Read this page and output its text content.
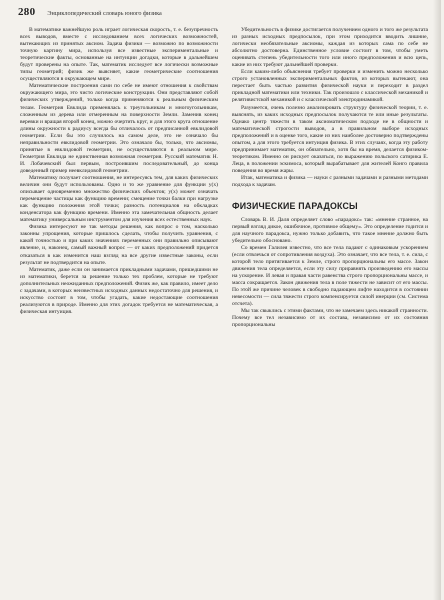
280 Энциклопедический словарь юного физика

В математике важнейшую роль играет логическая скорость, т. е. безупречность всех выводов, вместе с исследованием всех логических возможностей, вытекающих из принятых аксиом. Задача физики — возможно по возможности точную картину мира, используя все известные экспериментальные и теоретические факты, основанные на интуиции догадки, которые в дальнейшем будут проверены на опыте. Так, математик исследует все логически возможные типы геометрий; физик же выясняет, какие геометрические соотношения осуществляются в окружающем мире.

Математические построения сами по себе не имеют отношения к свойствам окружающего мира, это чисто логические конструкции. Они представляют собой физических утверждений, только когда применяются к реальным физическим телам. Геометрия Евклида применялась к треугольникам и многоугольникам, сложенным из дерева или отмеренным на поверхности Земли. Заменив конец веревки и вращая второй конец, можно очертить круг, и для этого круга отношение длины окружности к радиусу всегда бы отличалось от предписанной евклидовой геометрии. Если бы это случилось на самом деле, это не означало бы неправильности евклидовой геометрии. Это означало бы, только, что аксиомы, принятые в евклидовой геометрии, не осуществляются в реальном мире. Геометрия Евклида не единственная возможная геометрия. Русский математик Н. И. Лобачевский был первым, построившим последовательный, до конца доведенный пример неевклидовой геометрии.

Математику получает соотношения, не интересуясь тем, для каких физических величин они будут использованы. Одно и то же уравнение для функции y(x) описывает одновременно множество физических объектов; y(x) может означать перемещение частицы как функцию времени; смещение точки балки при нагрузке как функцию положения этой точки; разность потенциалов на обкладках конденсатора как функцию времени. Именно эта замечательная общность делает математику универсальным инструментом для изучения всех естественных наук.

Физика интересуют не так методы решения, как вопрос о том, насколько законны упрощения, которые пришлось сделать, чтобы получить уравнения, с какой точностью и при каких значениях переменных они правильно описывают явление, и, наконец, самый важный вопрос — от каких предположений придется отказаться в как изменится наш взгляд на все другие известные законы, если результат не подтвердится на опыте.

Математик, даже если он занимается прикладными задачами, пришедшими не из математики, берется за решение только тех проблем, которые не требуют дополнительных неожиданных предположений. Физик же, как правило, имеет дело с задачами, в которых неизвестных исходных данных недостаточно для решения, и искусство состоит в том, чтобы угадать, какие недостающие соотношения реализуются в природе. Именно для этих догадок требуется не математическая, а физическая интуиция.

Убедительность в физике достигается получением одного и того же результата из разных исходных предпосылок, при этом приходится вводить лишние, логически необязательные аксиомы, каждая из которых сама по себе не абсолютно достоверна. Единственное условие состоит в том, чтобы уметь оценивать степень убедительности того или иного предположения и всю цепь, какие из них требуют дальнейшей проверки.

Если каким-либо объяснения требует проверки и изменить можно несколько строго установленных экспериментальных фактов, из которых вытекают, она перестает быть частью развития физической науки и переходит в раздел прикладной математики или техники. Так произошло с классической механикой и релятивистской механикой и с классической электродинамикой.

Разумеется, очень полезно анализировать структуру физической теории, т. е. выяснять, из каких исходных предпосылок получаются те или иные результаты. Однако центр тяжести в таком аксиоматическом подходе не в общности и математической строгости выводов, а в правильном выборе исходных предположений и в оценке того, какие из них наиболее достоверно подтверждены опытом, а для этого требуется интуиция физика. В этих случаях, когда эту работу предпринимает математик, он обязательно, хотя бы на время, делается физиком-теоретиком. Именно он рискует оказаться, по выражению польского сатирика Е. Леца, в положении эскимоса, который вырабатывает для жителей Конго правила поведения во время жары.

Итак, математика и физика — науки с разными задачами и разными методами подхода к задачам.

ФИЗИЧЕСКИЕ ПАРАДОКСЫ

Словарь В. И. Даля определяет слово «парадокс» так: «мнение странное, на первый взгляд дикое, ошибочное, противное общему». Это определение годится и для научного парадокса, нужно только добавить, что такое мнение должно быть убедительно обосновано.

Со времен Галилея известно, что все тела падают с одинаковым ускорением (если отвлечься от сопротивления воздуха). Это означает, что все тела, т. е. сила, с которой тело притягивается к Земле, строго пропорциональны его массе. Закон движения тела определяется, если эту силу приравнять произведению его массы на ускорение. И левая и правая части равенства строго пропорциональны массе, и масса сокращается. Закон движения тела в поле тяжести не зависит от его массы. По этой же причине человек в свободно падающем лифте находится в состоянии невесомости — сила тяжести строго компенсируется силой инерции (см. Система отсчета).

Мы так свыклись с этими фактами, что не замечаем здесь никакой странности. Почему все тел независимо от их состава, независимо от их состояния пропорциональны
